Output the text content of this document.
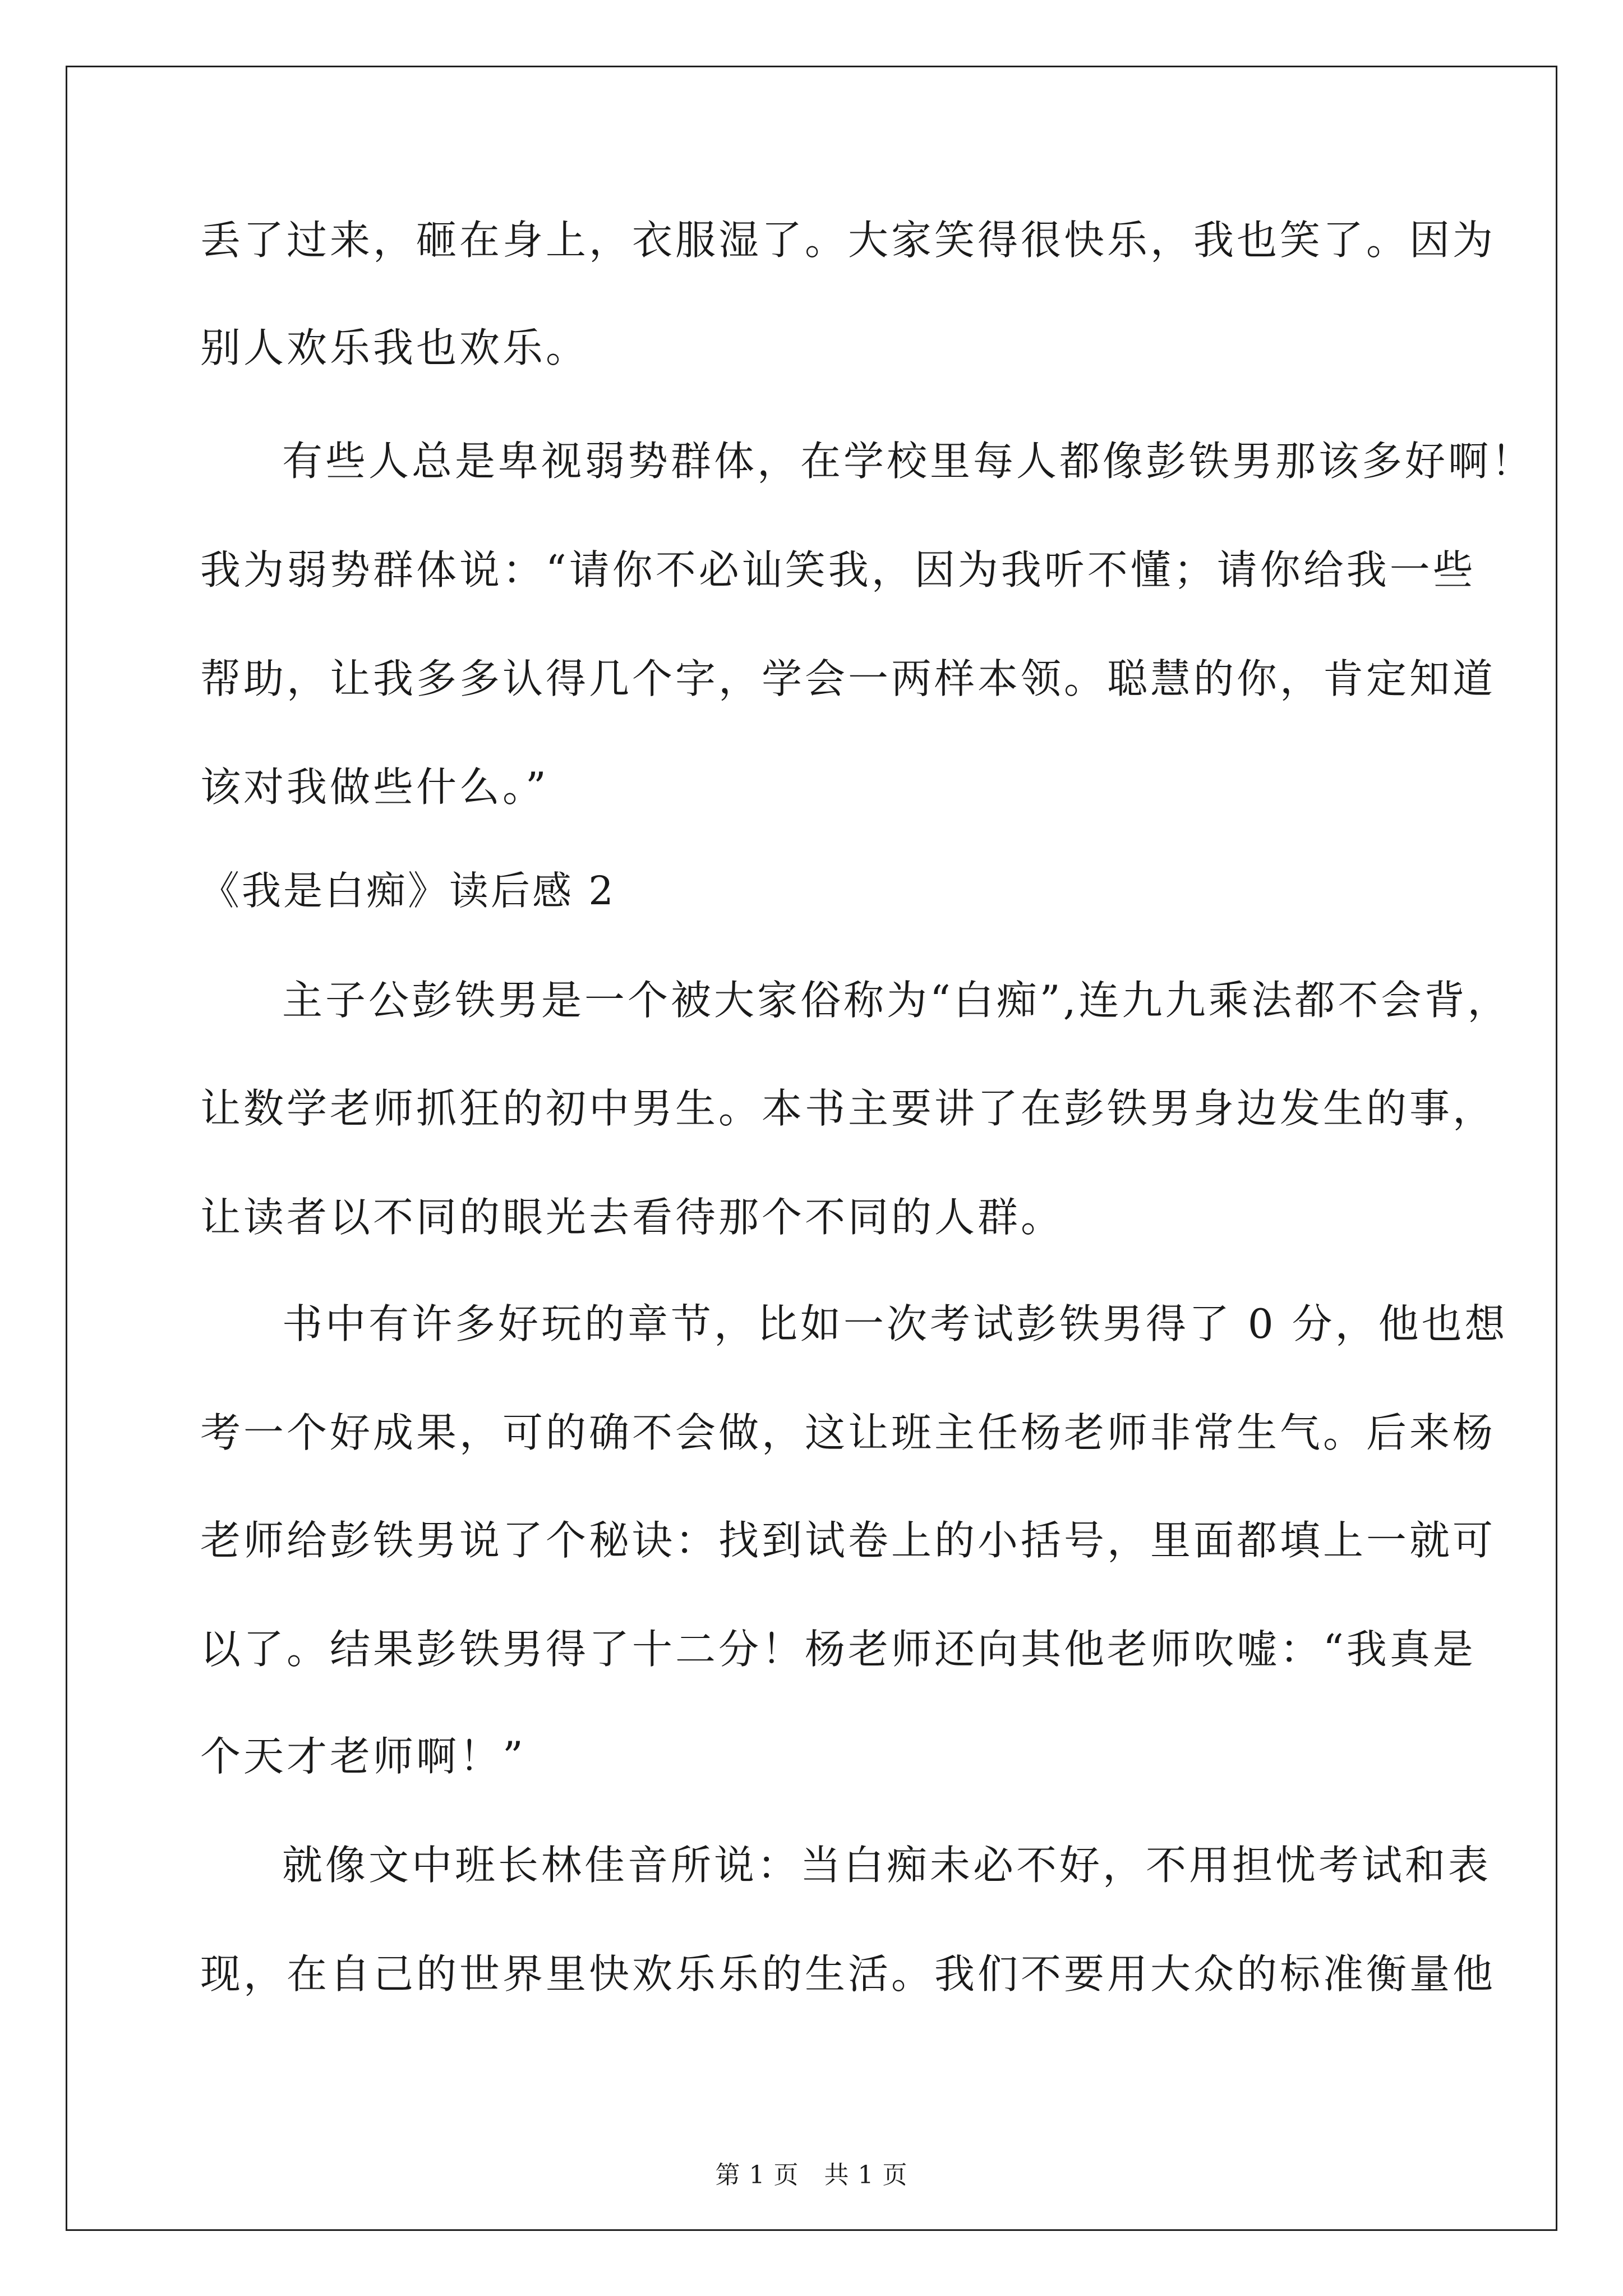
丢了过来，砸在身上，衣服湿了。大家笑得很快乐，我也笑了。因为
别人欢乐我也欢乐。
有些人总是卑视弱势群体，在学校里每人都像彭铁男那该多好啊！
我为弱势群体说：“请你不必讪笑我，因为我听不懂；请你给我一些
帮助，让我多多认得几个字，学会一两样本领。聪慧的你，肯定知道
该对我做些什么。”
《我是白痴》读后感 2
主子公彭铁男是一个被大家俗称为“白痴”,连九九乘法都不会背，
让数学老师抓狂的初中男生。本书主要讲了在彭铁男身边发生的事，
让读者以不同的眼光去看待那个不同的人群。
书中有许多好玩的章节，比如一次考试彭铁男得了 0 分，他也想
考一个好成果，可的确不会做，这让班主任杨老师非常生气。后来杨
老师给彭铁男说了个秘诀：找到试卷上的小括号，里面都填上一就可
以了。结果彭铁男得了十二分！杨老师还向其他老师吹嘘：“我真是
个天才老师啊！”
就像文中班长林佳音所说：当白痴未必不好，不用担忧考试和表
现，在自己的世界里快欢乐乐的生活。我们不要用大众的标准衡量他
第 1 页　共 1 页
